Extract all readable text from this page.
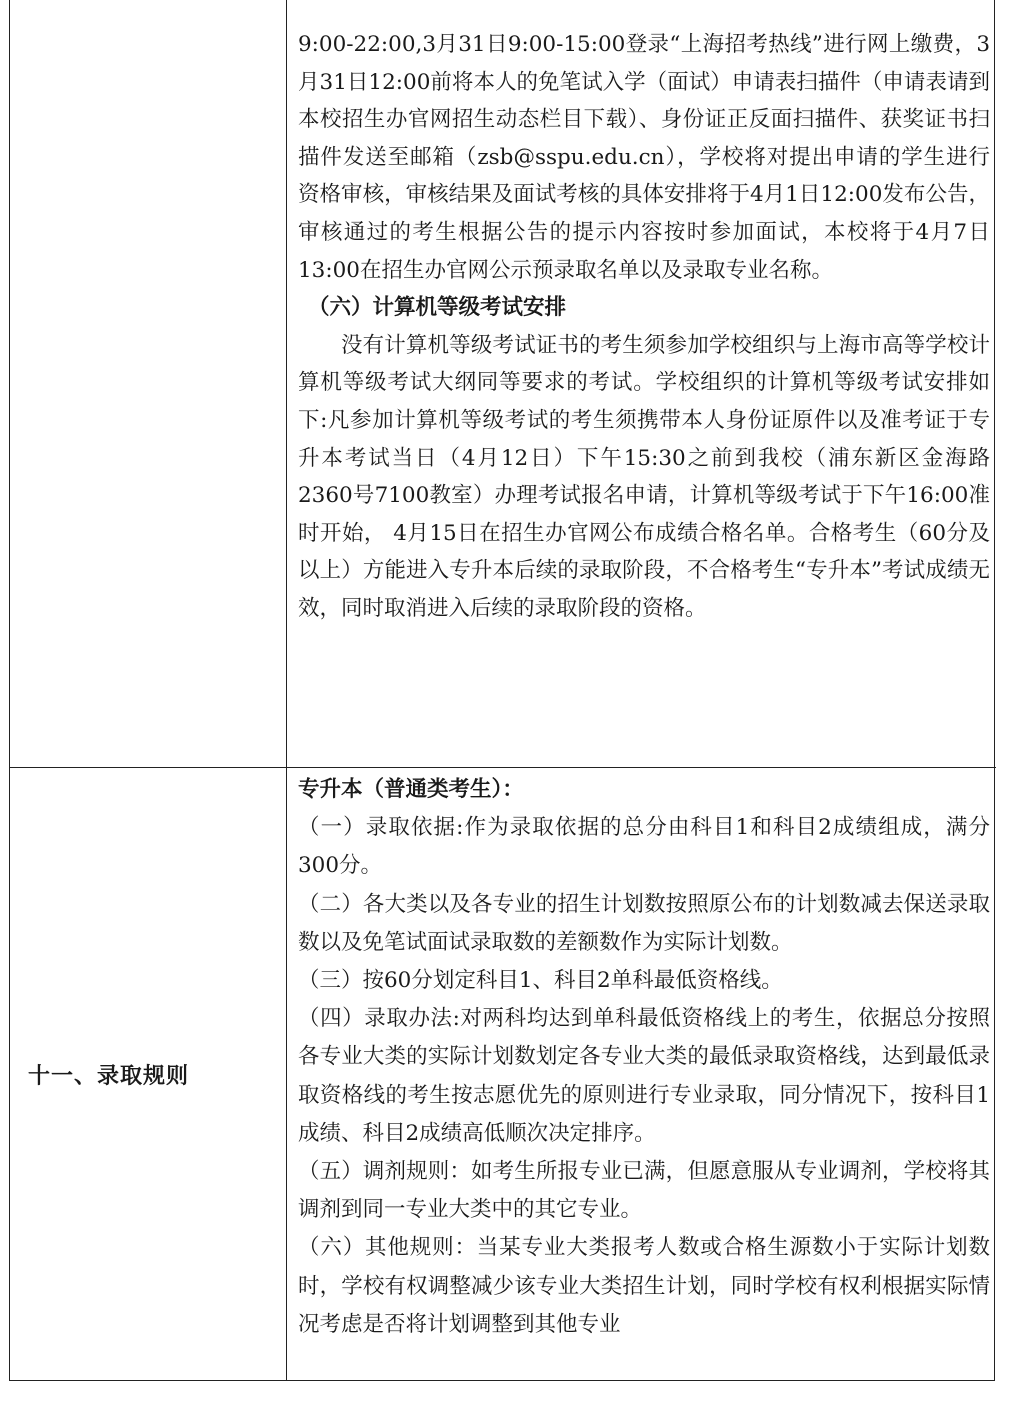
9:00-22:00,3月31日9:00-15:00登录“上海招考热线”进行网上缴费，3月31日12:00前将本人的免笔试入学（面试）申请表扫描件（申请表请到本校招生办官网招生动态栏目下载）、身份证正反面扫描件、获奖证书扫描件发送至邮箱（zsb@sspu.edu.cn），学校将对提出申请的学生进行资格审核，审核结果及面试考核的具体安排将于4月1日12:00发布公告，审核通过的考生根据公告的提示内容按时参加面试，本校将于4月7日13:00在招生办官网公示预录取名单以及录取专业名称。

（六）计算机等级考试安排

没有计算机等级考试证书的考生须参加学校组织与上海市高等学校计算机等级考试大纲同等要求的考试。学校组织的计算机等级考试安排如下:凡参加计算机等级考试的考生须携带本人身份证原件以及准考证于专升本考试当日（4月12日）下午15:30之前到我校（浦东新区金海路2360号7100教室）办理考试报名申请，计算机等级考试于下午16:00准时开始， 4月15日在招生办官网公布成绩合格名单。合格考生（60分及以上）方能进入专升本后续的录取阶段，不合格考生“专升本”考试成绩无效，同时取消进入后续的录取阶段的资格。

十一、录取规则

专升本（普通类考生）：

（一）录取依据:作为录取依据的总分由科目1和科目2成绩组成，满分300分。

（二）各大类以及各专业的招生计划数按照原公布的计划数减去保送录取数以及免笔试面试录取数的差额数作为实际计划数。

（三）按60分划定科目1、科目2单科最低资格线。

（四）录取办法:对两科均达到单科最低资格线上的考生，依据总分按照各专业大类的实际计划数划定各专业大类的最低录取资格线，达到最低录取资格线的考生按志愿优先的原则进行专业录取，同分情况下，按科目1成绩、科目2成绩高低顺次决定排序。

（五）调剂规则：如考生所报专业已满，但愿意服从专业调剂，学校将其调剂到同一专业大类中的其它专业。

（六）其他规则：当某专业大类报考人数或合格生源数小于实际计划数时，学校有权调整减少该专业大类招生计划，同时学校有权利根据实际情况考虑是否将计划调整到其他专业
